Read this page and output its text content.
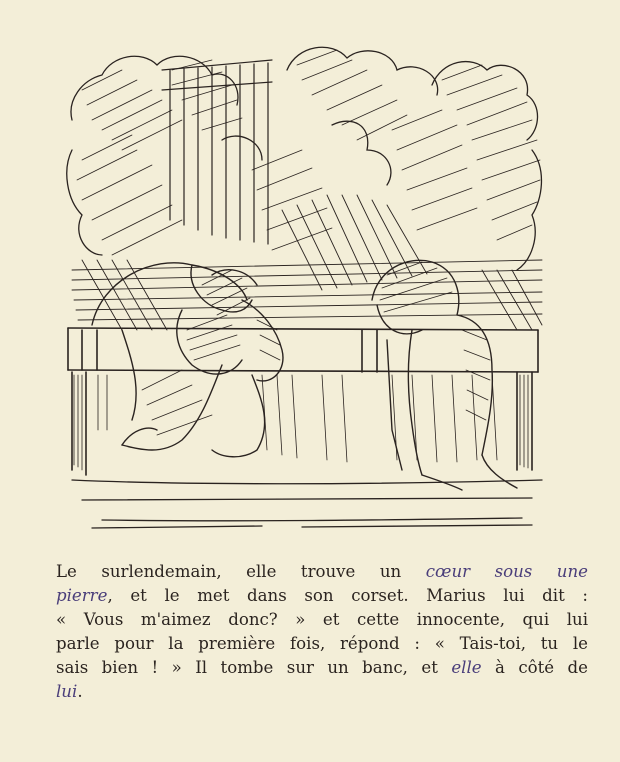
Le surlendemain, elle trouve un cœur sous une
pierre, et le met dans son corset. Marius lui dit :
« Vous m'aimez donc? » et cette innocente, qui lui
parle pour la première fois, répond : « Tais-toi, tu le
sais bien ! » Il tombe sur un banc, et elle à côté de
lui.
